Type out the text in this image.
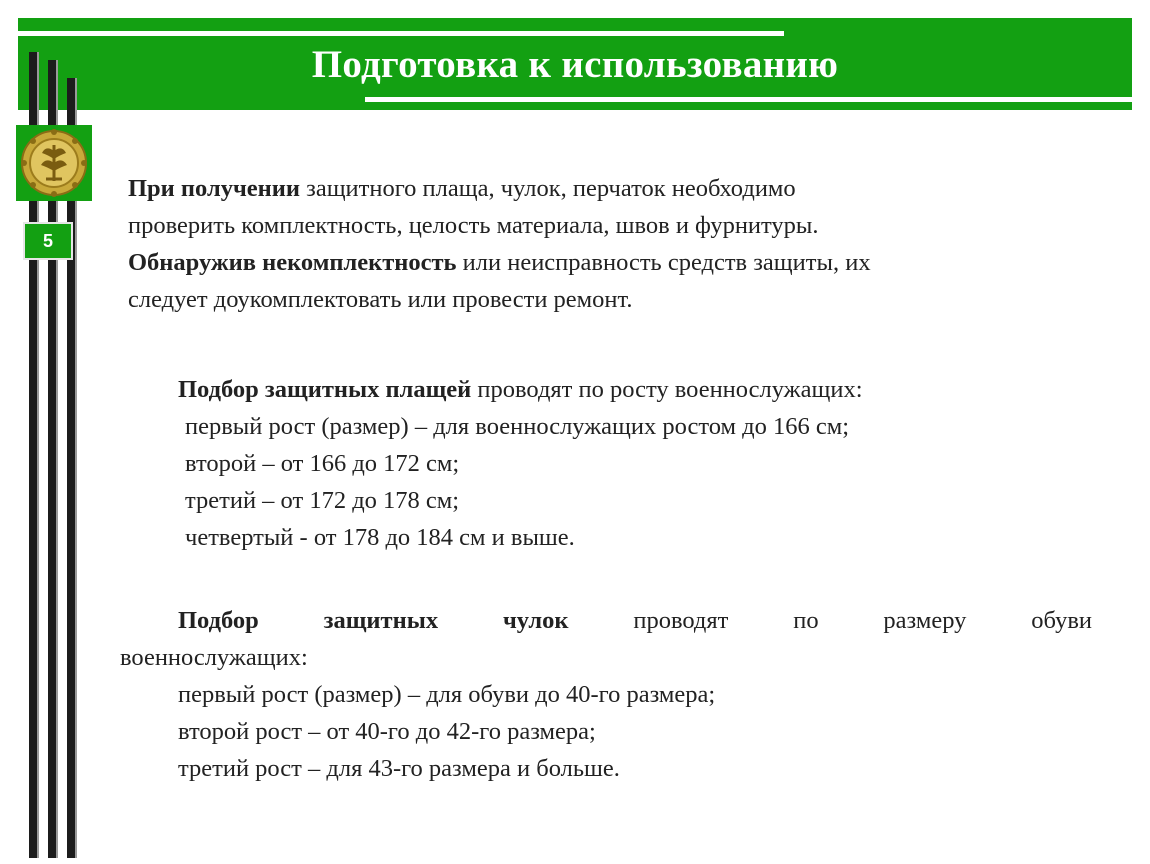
Подготовка к использованию
5
При получении защитного плаща, чулок, перчаток необходимо
проверить комплектность, целость материала, швов и фурнитуры.
Обнаружив некомплектность или неисправность средств защиты, их
следует доукомплектовать или провести ремонт.
Подбор защитных плащей проводят по росту военнослужащих:
первый рост (размер) – для военнослужащих ростом до 166 см;
второй – от 166 до 172 см;
третий – от 172 до 178 см;
четвертый - от 178 до 184 см и выше.
Подбор	защитных	чулок	проводят	по	размеру	обуви
военнослужащих:
первый рост (размер) – для обуви до 40-го размера;
второй рост – от 40-го до 42-го размера;
третий рост – для 43-го размера и больше.
